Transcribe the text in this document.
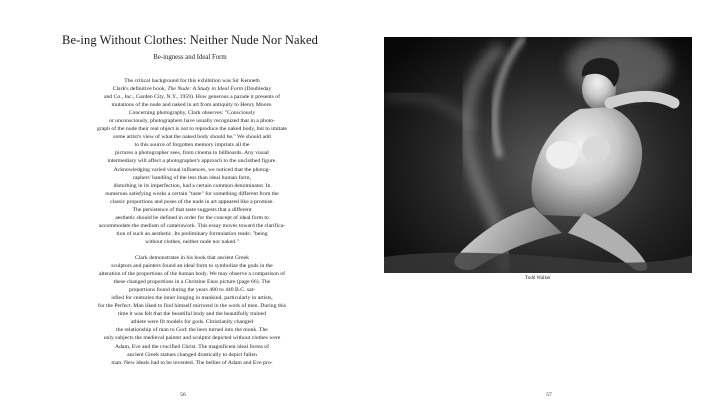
Be-ing Without Clothes: Neither Nude Nor Naked

Be-ingness and Ideal Form

The critical background for this exhibition was Sir Kenneth
Clark's definitive book, The Nude: A Study in Ideal Form (Doubleday
and Co., Inc., Garden City, N.Y., 1959). How generous a parade it presents of
mutations of the nude and naked in art from antiquity to Henry Moore.
Concerning photography, Clark observes: "Consciously
or unconsciously, photographers have usually recognized that in a photo-
graph of the nude their real object is not to reproduce the naked body, but to imitate
some artist's view of what the naked body should be." We should add
to this source of forgotten memory imprints all the
pictures a photographer sees, from cinema to billboards. Any visual
intermediary will affect a photographer's approach to the unclothed figure.
Acknowledging varied visual influences, we noticed that the photog-
raphers' handling of the less than ideal human form,
disturbing in its imperfection, had a certain common denominator. In
numerous satisfying works a certain "taste" for something different from the
classic proportions and poses of the nude in art appeared like a promise.
The persistence of that taste suggests that a different
aesthetic should be defined in order for the concept of ideal form to
accommodate the medium of camerawork. This essay moves toward the clarifica-
tion of such an aesthetic. Its preliminary formulation reads: "being
without clothes, neither nude nor naked."
Clark demonstrates in his book that ancient Greek
sculptors and painters found an ideal form to symbolize the gods in the
alteration of the proportions of the human body. We may observe a comparison of
these changed proportions in a Christine Enos picture (page 66). The
proportions found during the years 480 to 440 B.C. sat-
isfied for centuries the inner longing in mankind, particularly in artists,
for the Perfect. Man liked to find himself mirrored in the work of men. During this
time it was felt that the beautiful body and the beautifully trained
athlete were fit models for gods. Christianity changed
the relationship of man to God: the hero turned into the monk. The
only subjects the medieval painter and sculptor depicted without clothes were
Adam, Eve and the crucified Christ. The magnificent ideal forms of
ancient Greek statues changed drastically to depict fallen
man. New ideals had to be invented. The bellies of Adam and Eve pro-
56
Todd Walker
57
